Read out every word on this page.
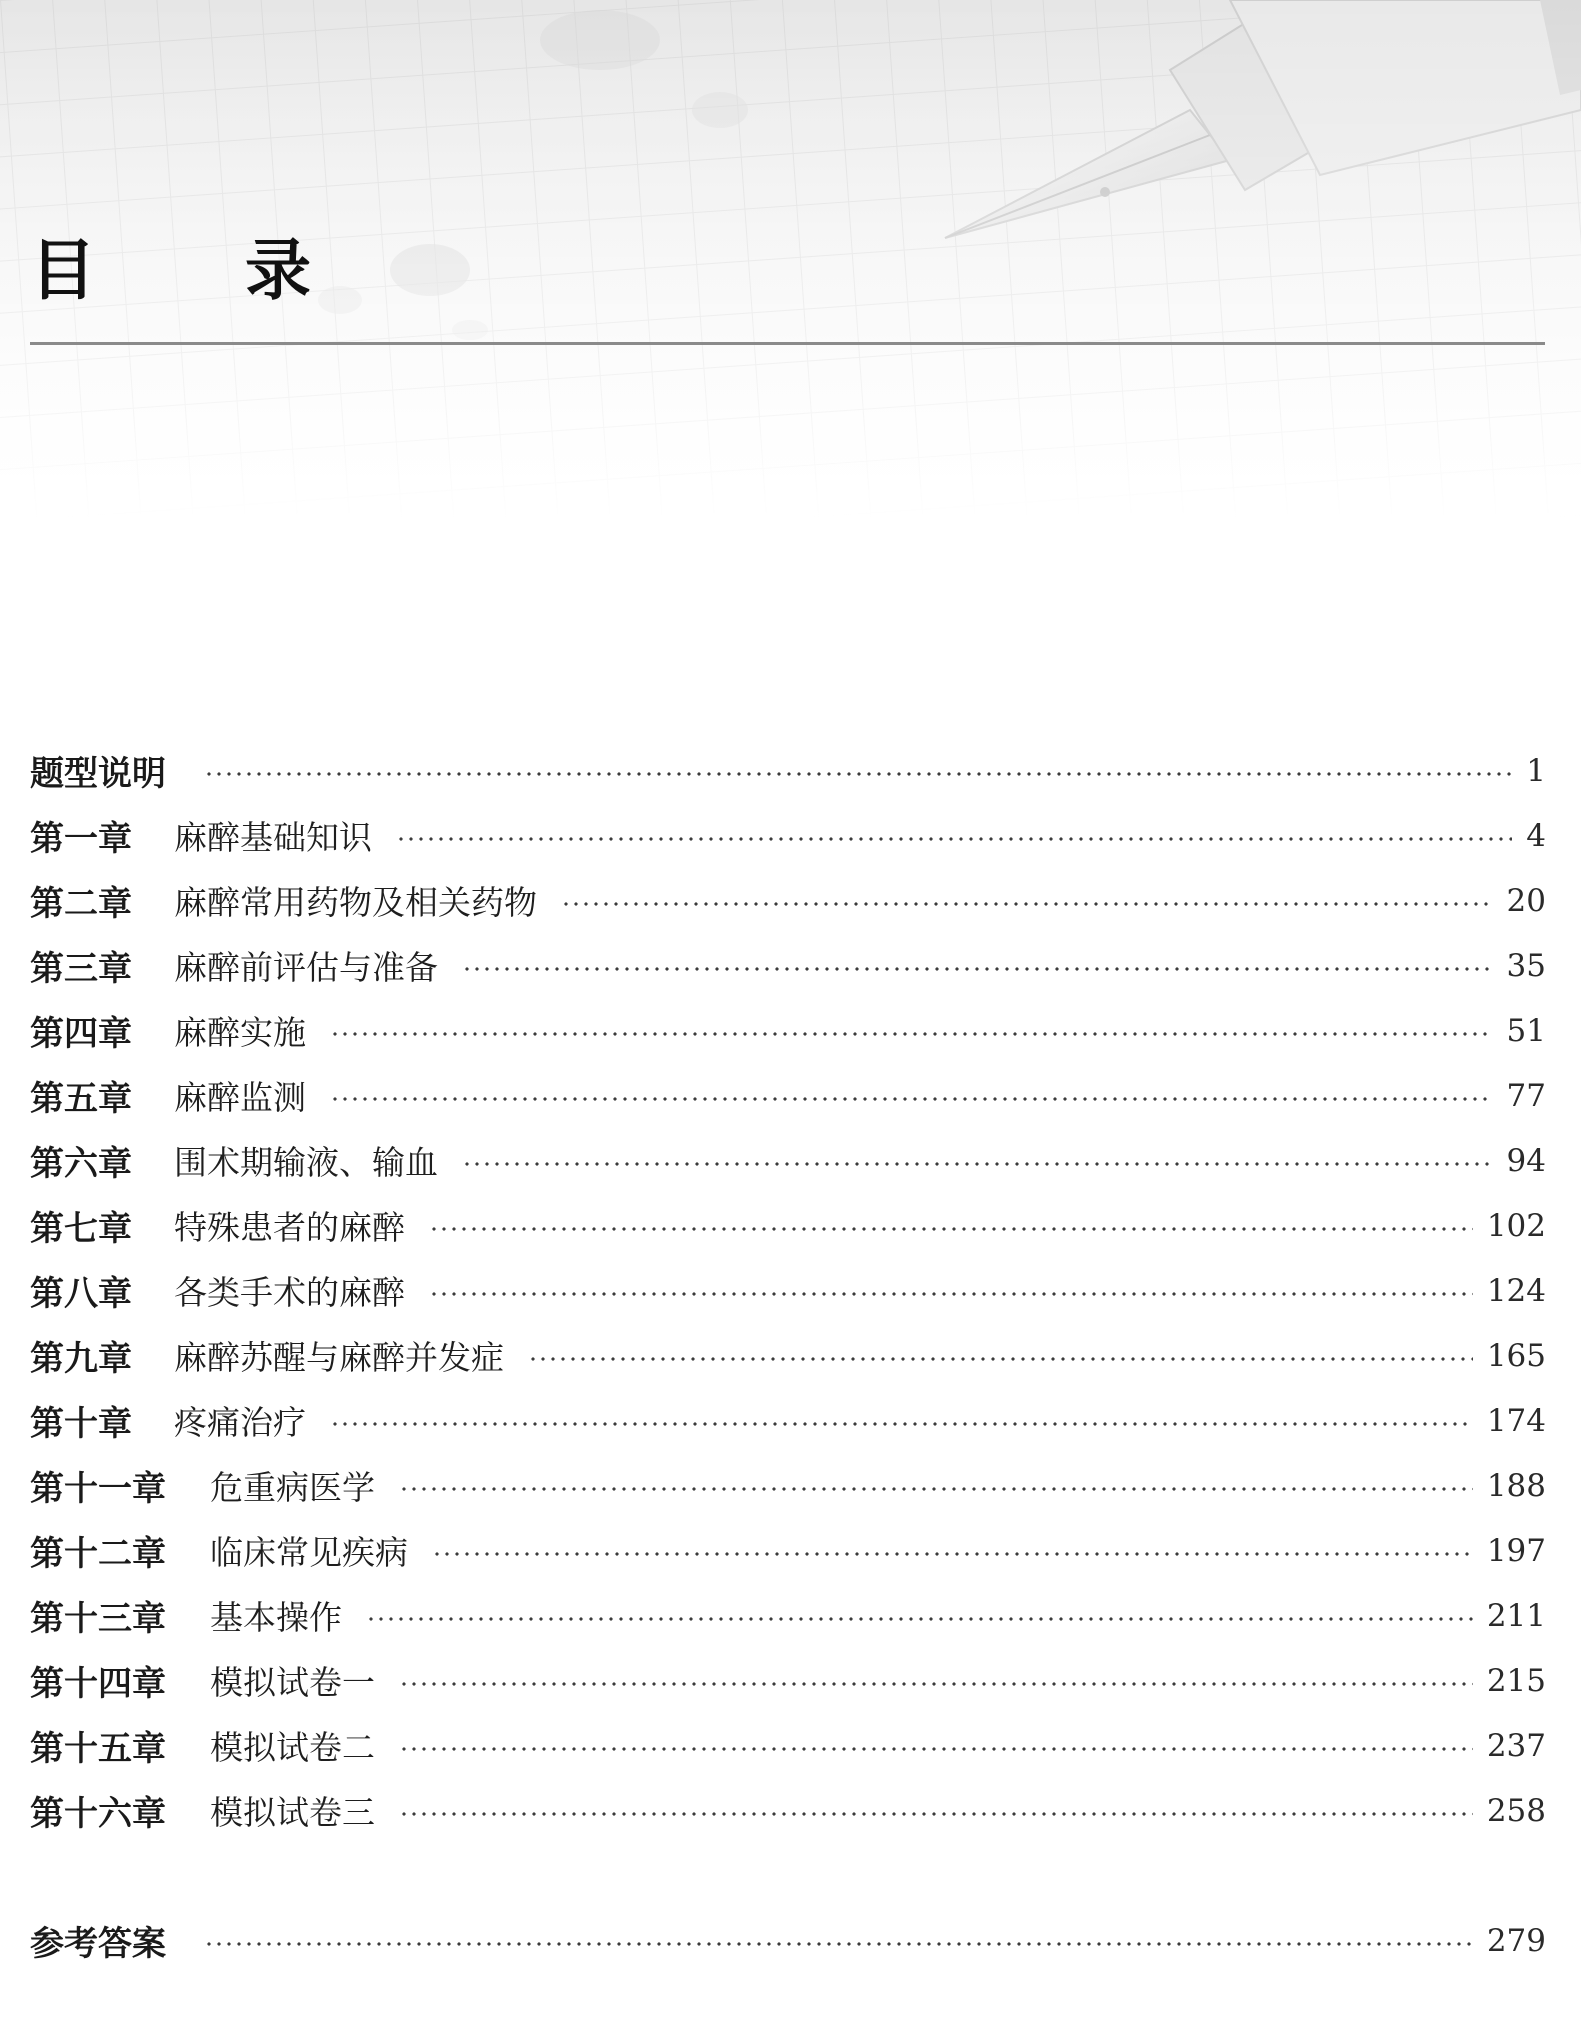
目	录
题型说明	1
第一章	麻醉基础知识	4
第二章	麻醉常用药物及相关药物	20
第三章	麻醉前评估与准备	35
第四章	麻醉实施	51
第五章	麻醉监测	77
第六章	围术期输液、输血	94
第七章	特殊患者的麻醉	102
第八章	各类手术的麻醉	124
第九章	麻醉苏醒与麻醉并发症	165
第十章	疼痛治疗	174
第十一章	危重病医学	188
第十二章	临床常见疾病	197
第十三章	基本操作	211
第十四章	模拟试卷一	215
第十五章	模拟试卷二	237
第十六章	模拟试卷三	258
参考答案	279
